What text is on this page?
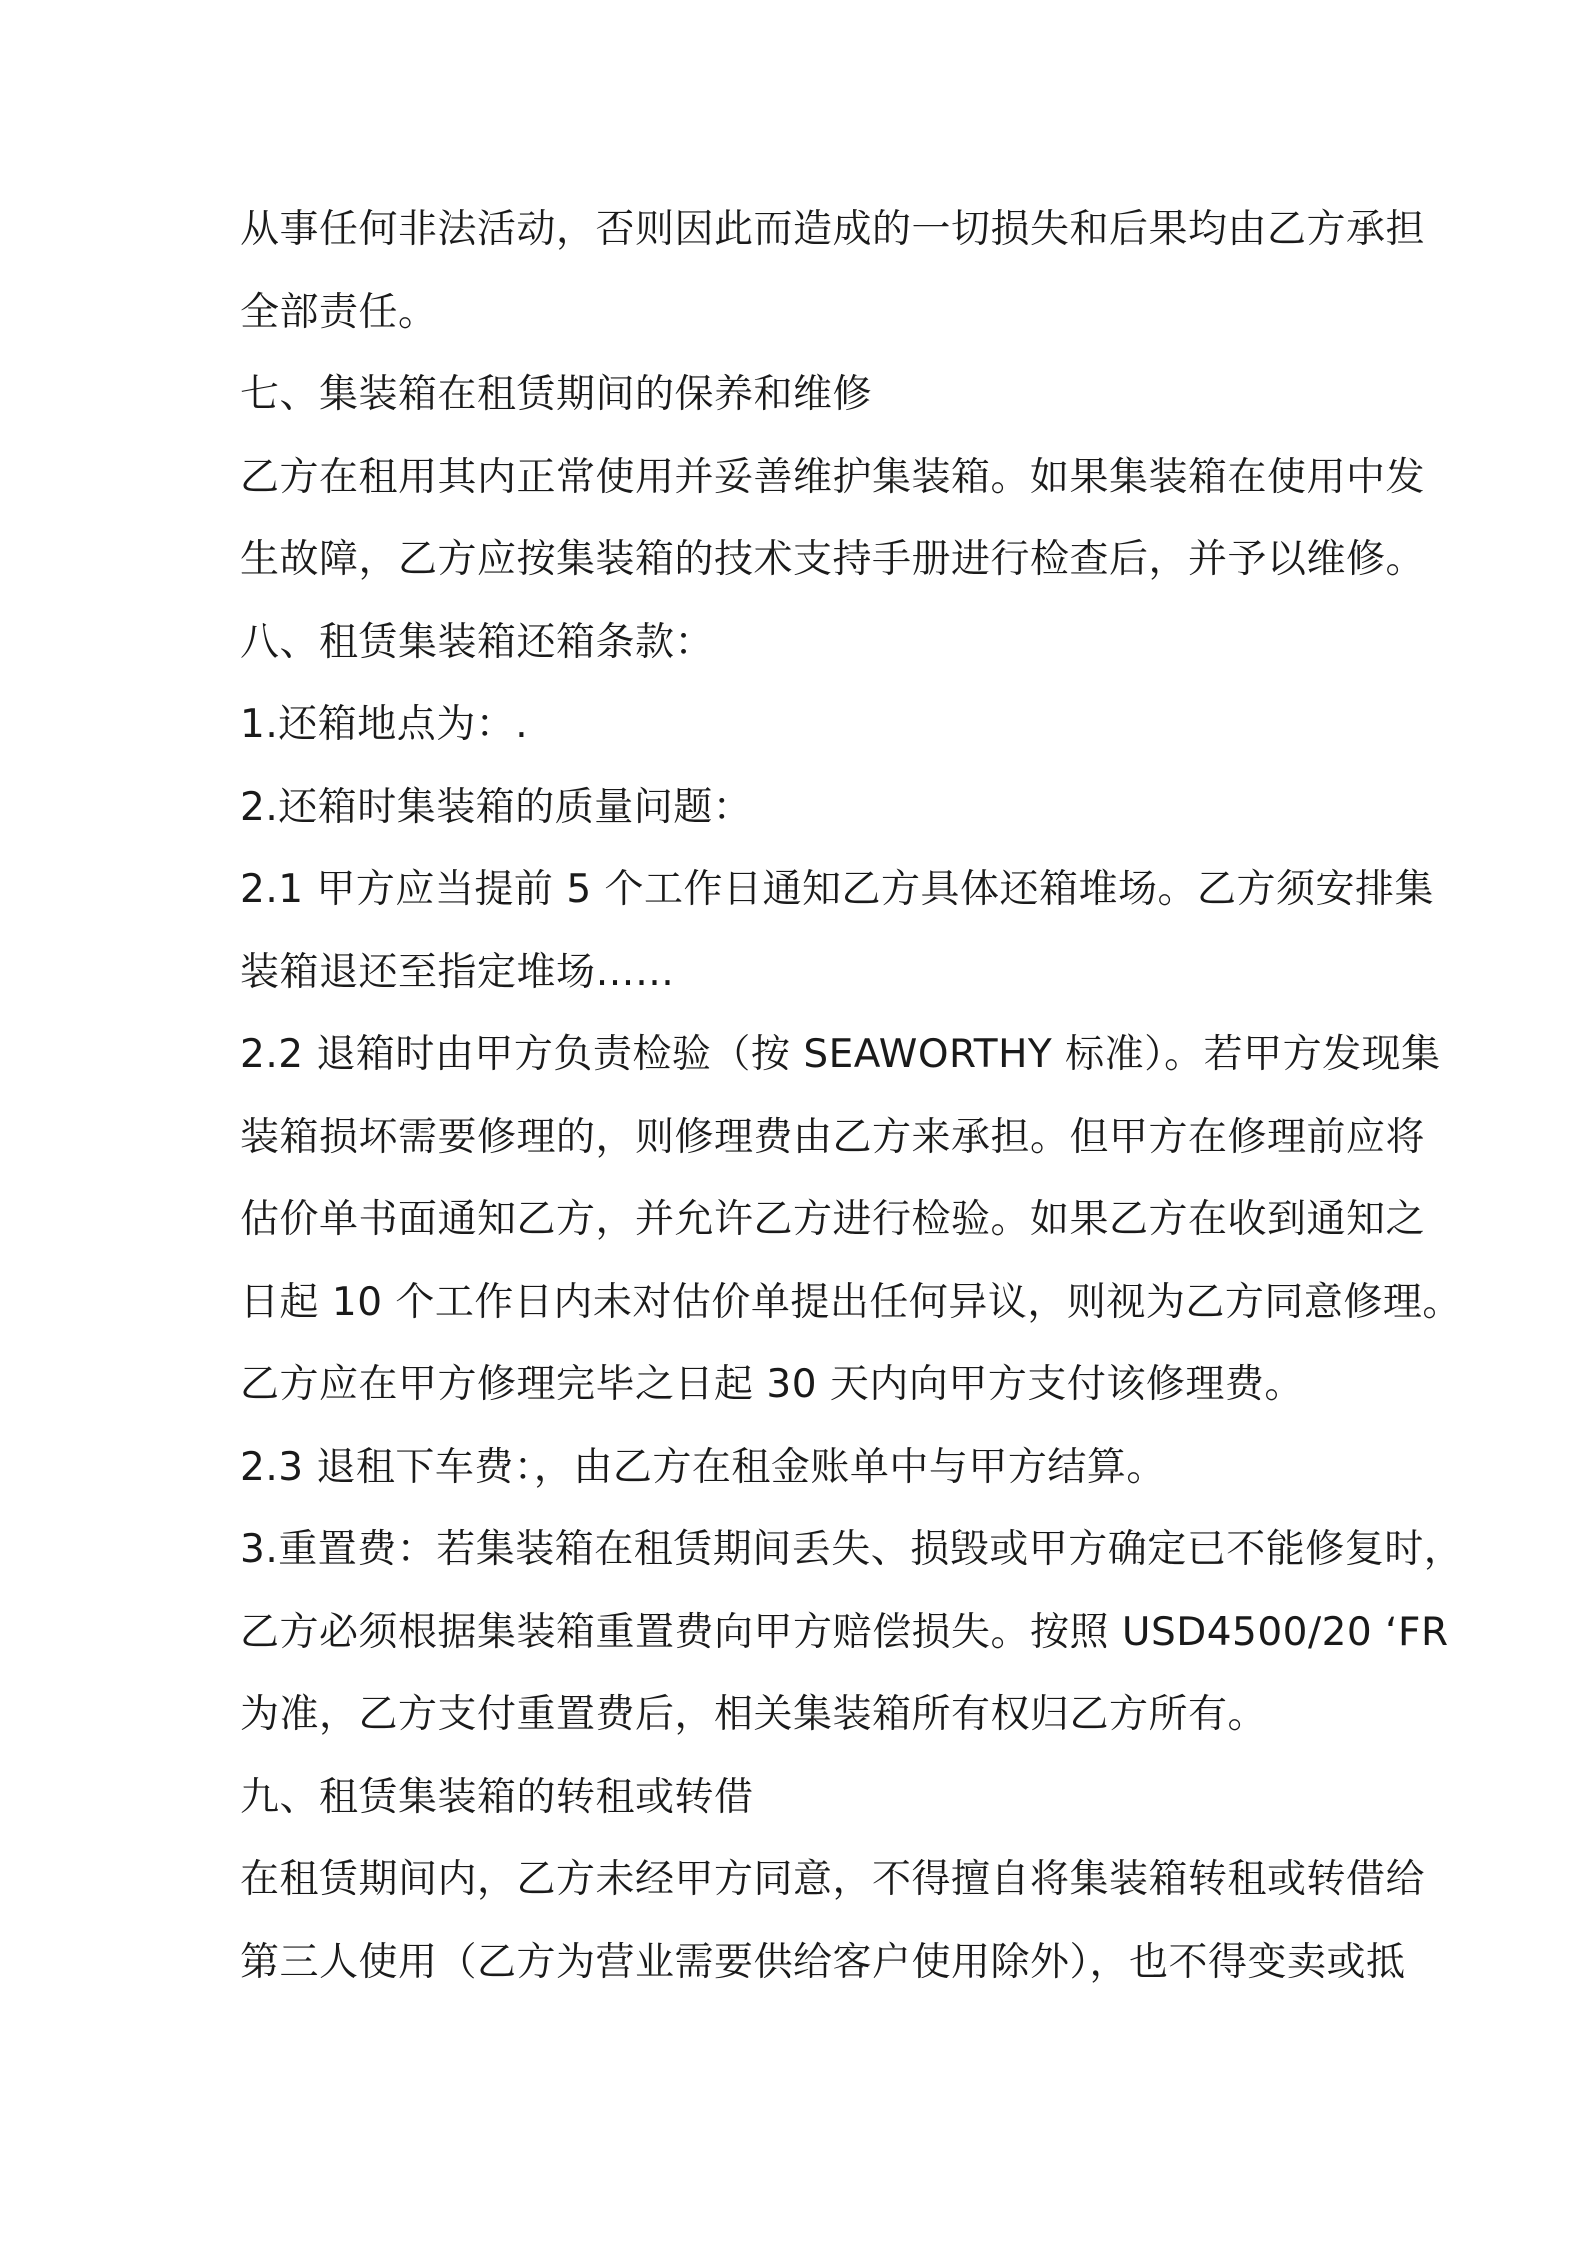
从事任何非法活动，否则因此而造成的一切损失和后果均由乙方承担
全部责任。
七、集装箱在租赁期间的保养和维修
乙方在租用其内正常使用并妥善维护集装箱。如果集装箱在使用中发
生故障，乙方应按集装箱的技术支持手册进行检查后，并予以维修。
八、租赁集装箱还箱条款：
1.还箱地点为：.
2.还箱时集装箱的质量问题：
2.1 甲方应当提前 5 个工作日通知乙方具体还箱堆场。乙方须安排集
装箱退还至指定堆场……
2.2 退箱时由甲方负责检验（按 SEAWORTHY 标准）。若甲方发现集
装箱损坏需要修理的，则修理费由乙方来承担。但甲方在修理前应将
估价单书面通知乙方，并允许乙方进行检验。如果乙方在收到通知之
日起 10 个工作日内未对估价单提出任何异议，则视为乙方同意修理。
乙方应在甲方修理完毕之日起 30 天内向甲方支付该修理费。
2.3 退租下车费：，由乙方在租金账单中与甲方结算。
3.重置费：若集装箱在租赁期间丢失、损毁或甲方确定已不能修复时，
乙方必须根据集装箱重置费向甲方赔偿损失。按照 USD4500/20 ‘FR
为准，乙方支付重置费后，相关集装箱所有权归乙方所有。
九、租赁集装箱的转租或转借
在租赁期间内，乙方未经甲方同意，不得擅自将集装箱转租或转借给
第三人使用（乙方为营业需要供给客户使用除外），也不得变卖或抵
